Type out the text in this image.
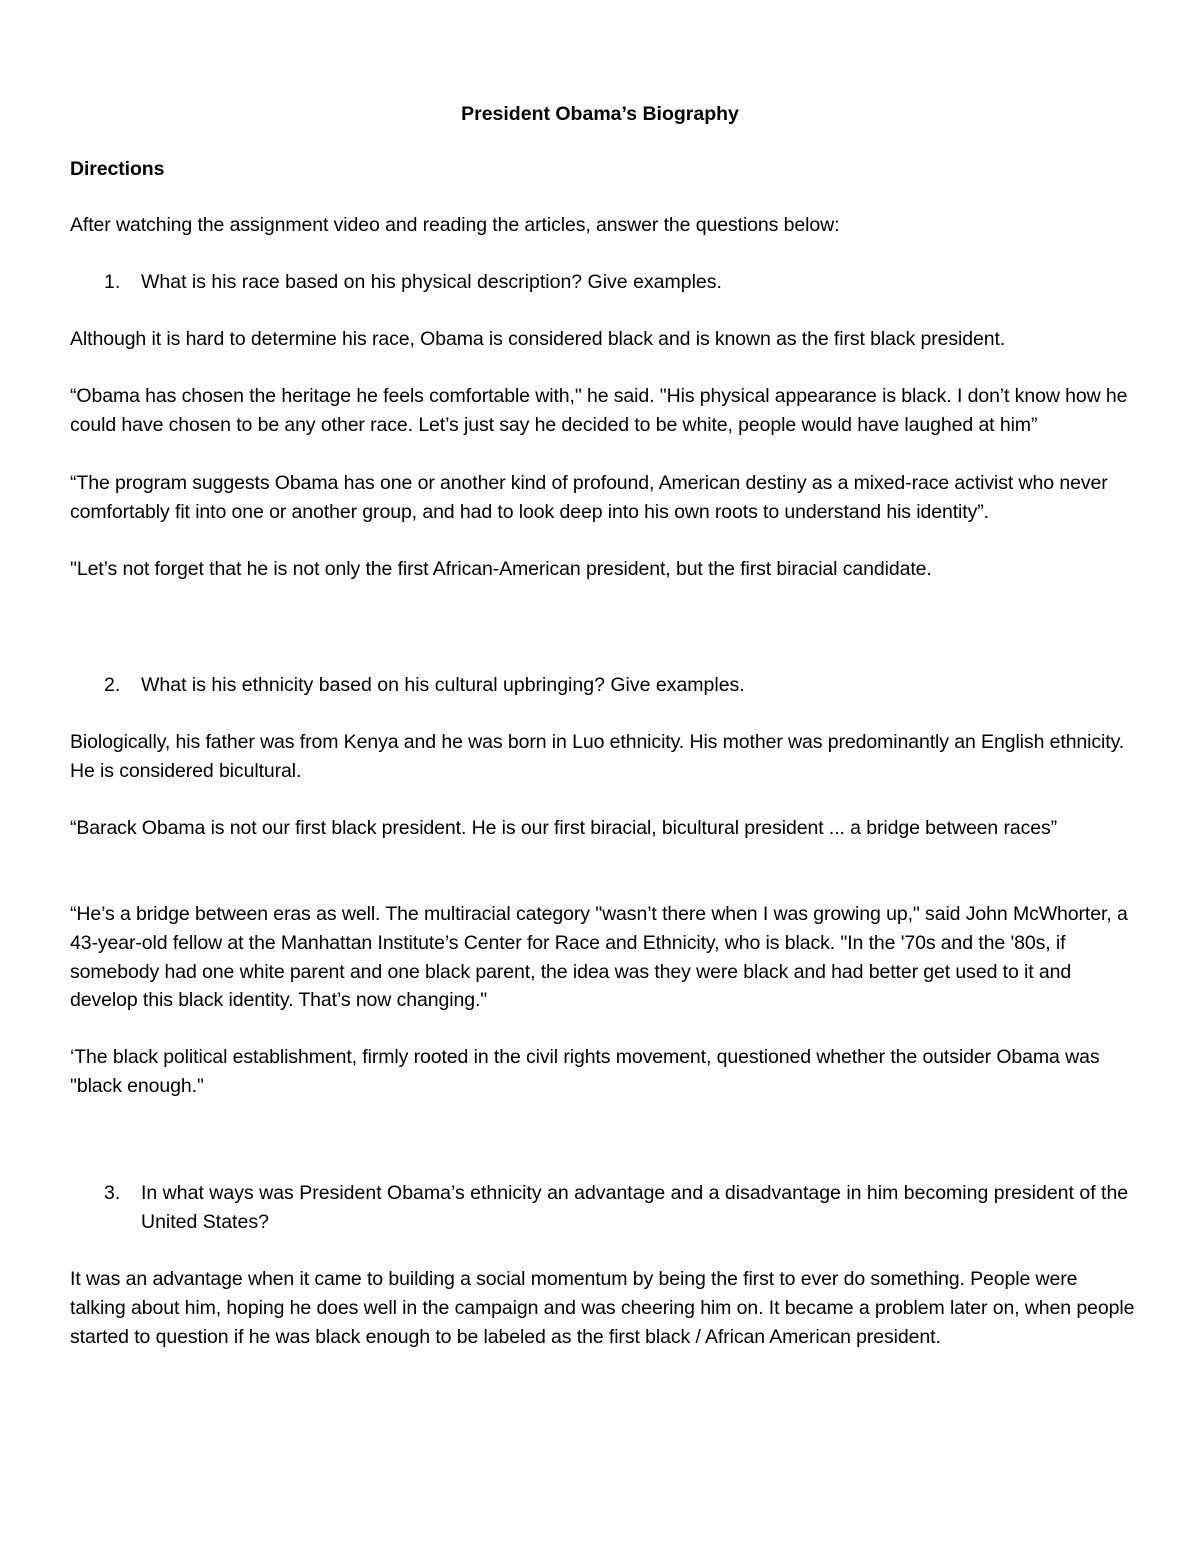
President Obama’s Biography

Directions

After watching the assignment video and reading the articles, answer the questions below:

1. What is his race based on his physical description? Give examples.

Although it is hard to determine his race, Obama is considered black and is known as the first black president.

“Obama has chosen the heritage he feels comfortable with," he said. "His physical appearance is black. I don’t know how he could have chosen to be any other race. Let’s just say he decided to be white, people would have laughed at him”

“The program suggests Obama has one or another kind of profound, American destiny as a mixed-race activist who never comfortably fit into one or another group, and had to look deep into his own roots to understand his identity”.

"Let’s not forget that he is not only the first African-American president, but the first biracial candidate.

2. What is his ethnicity based on his cultural upbringing? Give examples.

Biologically, his father was from Kenya and he was born in Luo ethnicity. His mother was predominantly an English ethnicity. He is considered bicultural.

“Barack Obama is not our first black president. He is our first biracial, bicultural president ... a bridge between races”

“He’s a bridge between eras as well. The multiracial category "wasn’t there when I was growing up," said John McWhorter, a 43-year-old fellow at the Manhattan Institute’s Center for Race and Ethnicity, who is black. "In the '70s and the '80s, if somebody had one white parent and one black parent, the idea was they were black and had better get used to it and develop this black identity. That’s now changing."

‘The black political establishment, firmly rooted in the civil rights movement, questioned whether the outsider Obama was "black enough."

3. In what ways was President Obama’s ethnicity an advantage and a disadvantage in him becoming president of the United States?

It was an advantage when it came to building a social momentum by being the first to ever do something. People were talking about him, hoping he does well in the campaign and was cheering him on. It became a problem later on, when people started to question if he was black enough to be labeled as the first black / African American president.
